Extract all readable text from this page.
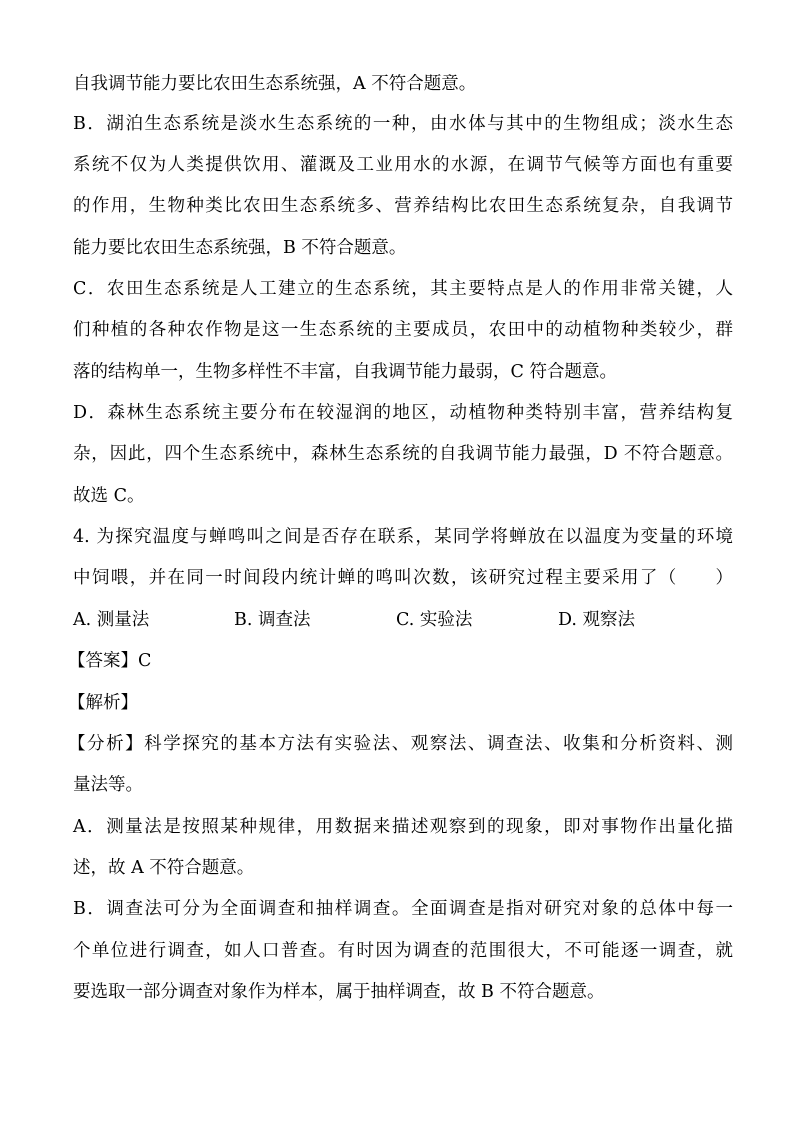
自我调节能力要比农田生态系统强，A 不符合题意。
B．湖泊生态系统是淡水生态系统的一种，由水体与其中的生物组成；淡水生态
系统不仅为人类提供饮用、灌溉及工业用水的水源，在调节气候等方面也有重要
的作用，生物种类比农田生态系统多、营养结构比农田生态系统复杂，自我调节
能力要比农田生态系统强，B 不符合题意。
C．农田生态系统是人工建立的生态系统，其主要特点是人的作用非常关键，人
们种植的各种农作物是这一生态系统的主要成员，农田中的动植物种类较少，群
落的结构单一，生物多样性不丰富，自我调节能力最弱，C 符合题意。
D．森林生态系统主要分布在较湿润的地区，动植物种类特别丰富，营养结构复
杂，因此，四个生态系统中，森林生态系统的自我调节能力最强，D 不符合题意。
故选 C。
4. 为探究温度与蝉鸣叫之间是否存在联系，某同学将蝉放在以温度为变量的环境
中饲喂，并在同一时间段内统计蝉的鸣叫次数，该研究过程主要采用了（　　）
A. 测量法	B. 调查法	C. 实验法	D. 观察法
【答案】C
【解析】
【分析】科学探究的基本方法有实验法、观察法、调查法、收集和分析资料、测
量法等。
A．测量法是按照某种规律，用数据来描述观察到的现象，即对事物作出量化描
述，故 A 不符合题意。
B．调查法可分为全面调查和抽样调查。全面调查是指对研究对象的总体中每一
个单位进行调查，如人口普查。有时因为调查的范围很大，不可能逐一调查，就
要选取一部分调查对象作为样本，属于抽样调查，故 B 不符合题意。
